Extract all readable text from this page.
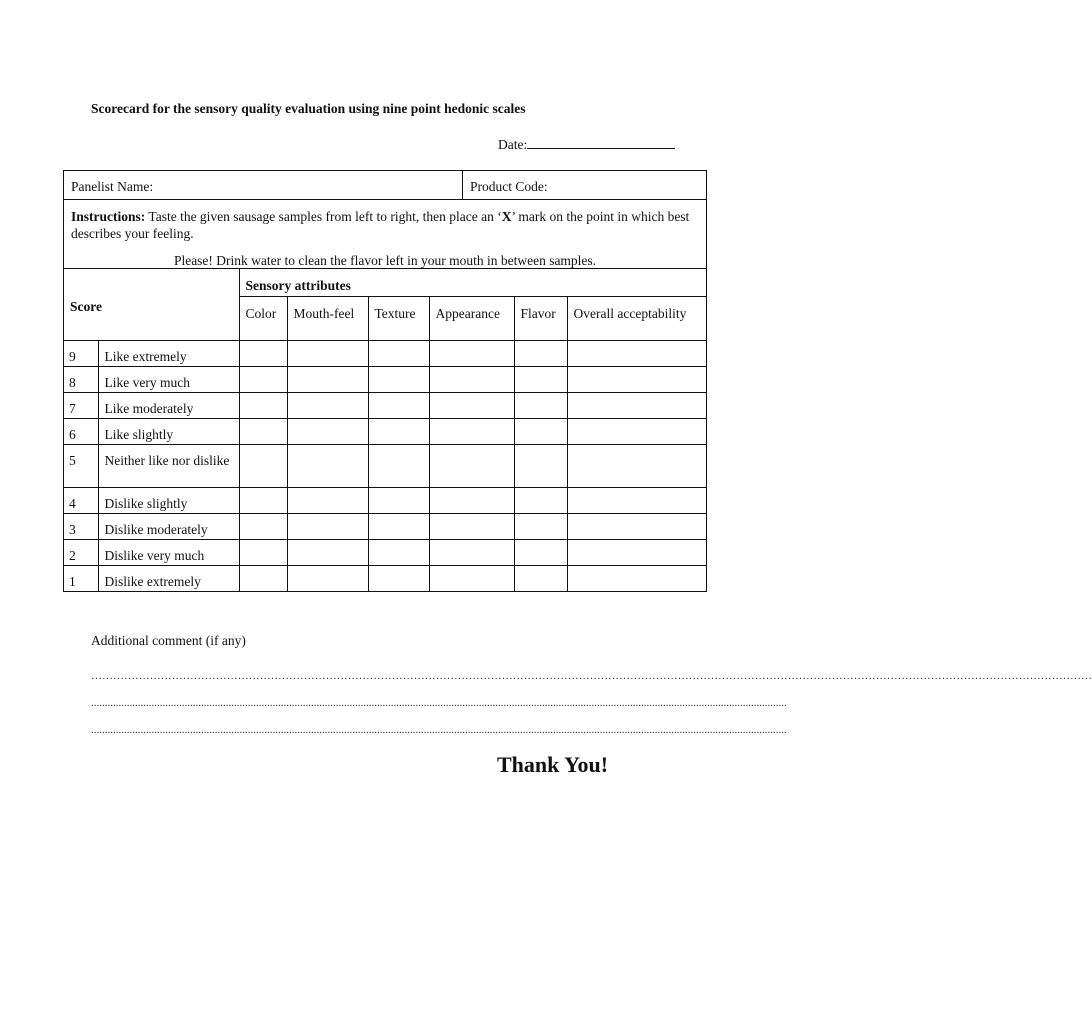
Scorecard for the sensory quality evaluation using nine point hedonic scales
Date:
Panelist Name:	Product Code:
Instructions: Taste the given sausage samples from left to right, then place an ‘X’ mark on the point in which best describes your feeling.
Please! Drink water to clean the flavor left in your mouth in between samples.
Score		Sensory attributes					
		Color	Mouth-feel	Texture	Appearance	Flavor	Overall acceptability
9	Like extremely						
8	Like very much						
7	Like moderately						
6	Like slightly						
5	Neither like nor dislike						
4	Dislike slightly						
3	Dislike moderately						
2	Dislike very much						
1	Dislike extremely						
Additional comment (if any)
…………………………………………………………………………………………………………………………………………………………………………………………………………………………………………………
.............................................................................................................................................................................................................................................................
.............................................................................................................................................................................................................................................................
Thank You!
